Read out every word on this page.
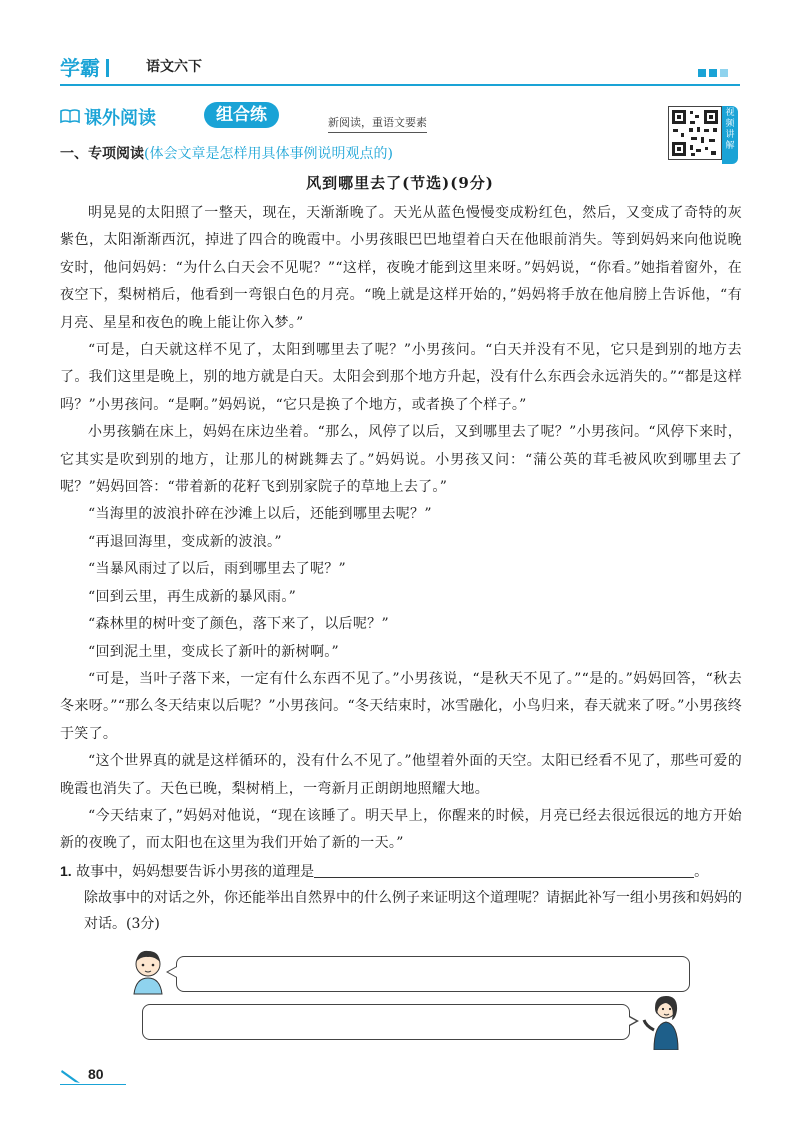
学霸	语文六下
课外阅读	组合练	新阅读，重语文要素
视频讲解
一、专项阅读(体会文章是怎样用具体事例说明观点的)
风到哪里去了(节选)(9分)

明晃晃的太阳照了一整天，现在，天渐渐晚了。天光从蓝色慢慢变成粉红色，然后，又变成了奇特的灰紫色，太阳渐渐西沉，掉进了四合的晚霞中。小男孩眼巴巴地望着白天在他眼前消失。等到妈妈来向他说晚安时，他问妈妈：“为什么白天会不见呢？”“这样，夜晚才能到这里来呀。”妈妈说，“你看。”她指着窗外，在夜空下，梨树梢后，他看到一弯银白色的月亮。“晚上就是这样开始的，”妈妈将手放在他肩膀上告诉他，“有月亮、星星和夜色的晚上能让你入梦。”

“可是，白天就这样不见了，太阳到哪里去了呢？”小男孩问。“白天并没有不见，它只是到别的地方去了。我们这里是晚上，别的地方就是白天。太阳会到那个地方升起，没有什么东西会永远消失的。”“都是这样吗？”小男孩问。“是啊。”妈妈说，“它只是换了个地方，或者换了个样子。”

小男孩躺在床上，妈妈在床边坐着。“那么，风停了以后，又到哪里去了呢？”小男孩问。“风停下来时，它其实是吹到别的地方，让那儿的树跳舞去了。”妈妈说。小男孩又问：“蒲公英的茸毛被风吹到哪里去了呢？”妈妈回答：“带着新的花籽飞到别家院子的草地上去了。”

“当海里的波浪扑碎在沙滩上以后，还能到哪里去呢？”

“再退回海里，变成新的波浪。”

“当暴风雨过了以后，雨到哪里去了呢？”

“回到云里，再生成新的暴风雨。”

“森林里的树叶变了颜色，落下来了，以后呢？”

“回到泥土里，变成长了新叶的新树啊。”

“可是，当叶子落下来，一定有什么东西不见了。”小男孩说，“是秋天不见了。”“是的。”妈妈回答，“秋去冬来呀。”“那么冬天结束以后呢？”小男孩问。“冬天结束时，冰雪融化，小鸟归来，春天就来了呀。”小男孩终于笑了。

“这个世界真的就是这样循环的，没有什么不见了。”他望着外面的天空。太阳已经看不见了，那些可爱的晚霞也消失了。天色已晚，梨树梢上，一弯新月正朗朗地照耀大地。

“今天结束了，”妈妈对他说，“现在该睡了。明天早上，你醒来的时候，月亮已经去很远很远的地方开始新的夜晚了，而太阳也在这里为我们开始了新的一天。”

1. 故事中，妈妈想要告诉小男孩的道理是	。

除故事中的对话之外，你还能举出自然界中的什么例子来证明这个道理呢？请据此补写一组小男孩和妈妈的对话。(3分)

80
